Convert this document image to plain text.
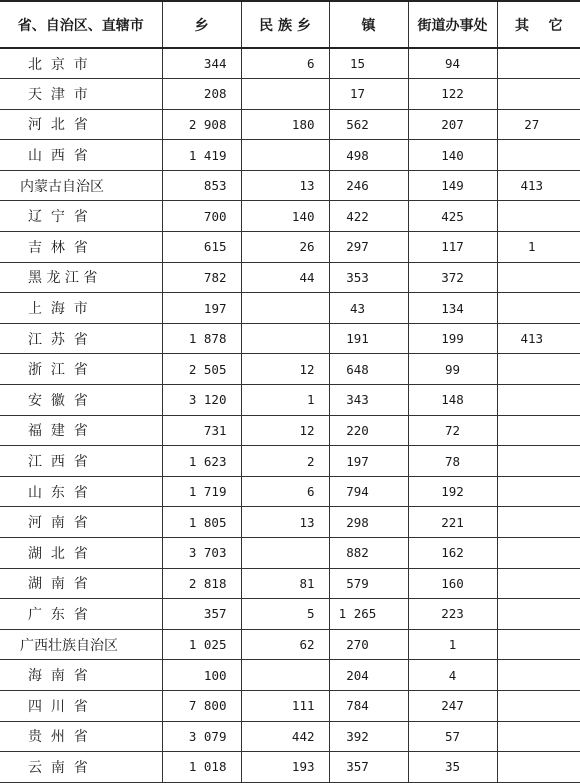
省、自治区、直辖市	乡	民 族 乡	镇	街道办事处	其    它
北  京  市	344	6	15	94	
天  津  市	208		17	122	
河  北  省	2 908	180	562	207	27
山  西  省	1 419		498	140	
内蒙古自治区	853	13	246	149	413
辽  宁  省	700	140	422	425	
吉  林  省	615	26	297	117	1
黑 龙 江 省	782	44	353	372	
上  海  市	197		43	134	
江  苏  省	1 878		191	199	413
浙  江  省	2 505	12	648	99	
安  徽  省	3 120	1	343	148	
福  建  省	731	12	220	72	
江  西  省	1 623	2	197	78	
山  东  省	1 719	6	794	192	
河  南  省	1 805	13	298	221	
湖  北  省	3 703		882	162	
湖  南  省	2 818	81	579	160	
广  东  省	357	5	1 265	223	
广西壮族自治区	1 025	62	270	1	
海  南  省	100		204	4	
四  川  省	7 800	111	784	247	
贵  州  省	3 079	442	392	57	
云  南  省	1 018	193	357	35	
